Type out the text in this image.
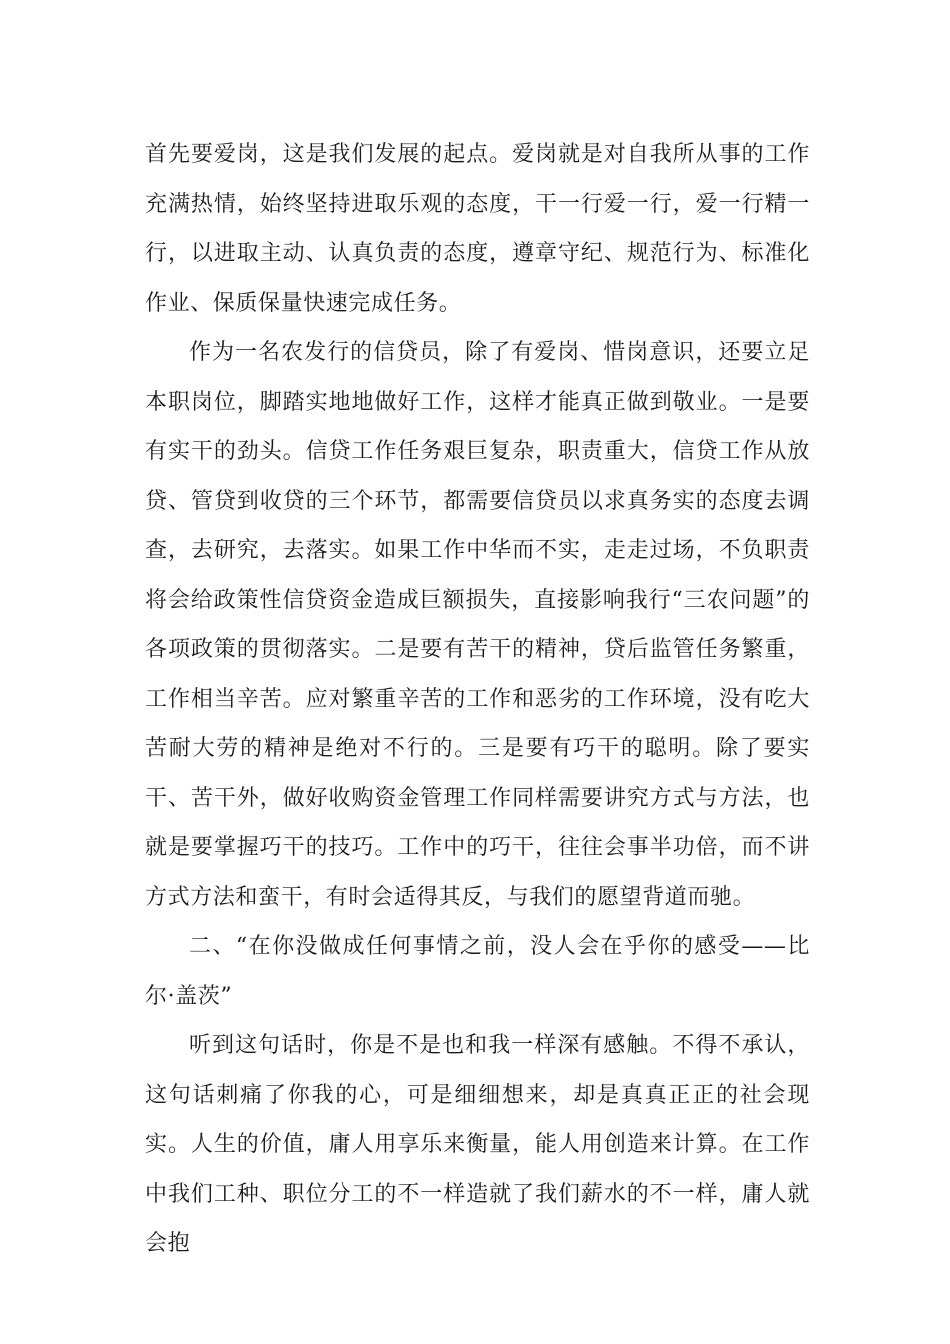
首先要爱岗，这是我们发展的起点。爱岗就是对自我所从事的工作充满热情，始终坚持进取乐观的态度，干一行爱一行，爱一行精一行，以进取主动、认真负责的态度，遵章守纪、规范行为、标准化作业、保质保量快速完成任务。

作为一名农发行的信贷员，除了有爱岗、惜岗意识，还要立足本职岗位，脚踏实地地做好工作，这样才能真正做到敬业。一是要有实干的劲头。信贷工作任务艰巨复杂，职责重大，信贷工作从放贷、管贷到收贷的三个环节，都需要信贷员以求真务实的态度去调查，去研究，去落实。如果工作中华而不实，走走过场，不负职责将会给政策性信贷资金造成巨额损失，直接影响我行“三农问题”的各项政策的贯彻落实。二是要有苦干的精神，贷后监管任务繁重，工作相当辛苦。应对繁重辛苦的工作和恶劣的工作环境，没有吃大苦耐大劳的精神是绝对不行的。三是要有巧干的聪明。除了要实干、苦干外，做好收购资金管理工作同样需要讲究方式与方法，也就是要掌握巧干的技巧。工作中的巧干，往往会事半功倍，而不讲方式方法和蛮干，有时会适得其反，与我们的愿望背道而驰。

二、“在你没做成任何事情之前，没人会在乎你的感受——比尔·盖茨”

听到这句话时，你是不是也和我一样深有感触。不得不承认，这句话刺痛了你我的心，可是细细想来，却是真真正正的社会现实。人生的价值，庸人用享乐来衡量，能人用创造来计算。在工作中我们工种、职位分工的不一样造就了我们薪水的不一样，庸人就会抱
